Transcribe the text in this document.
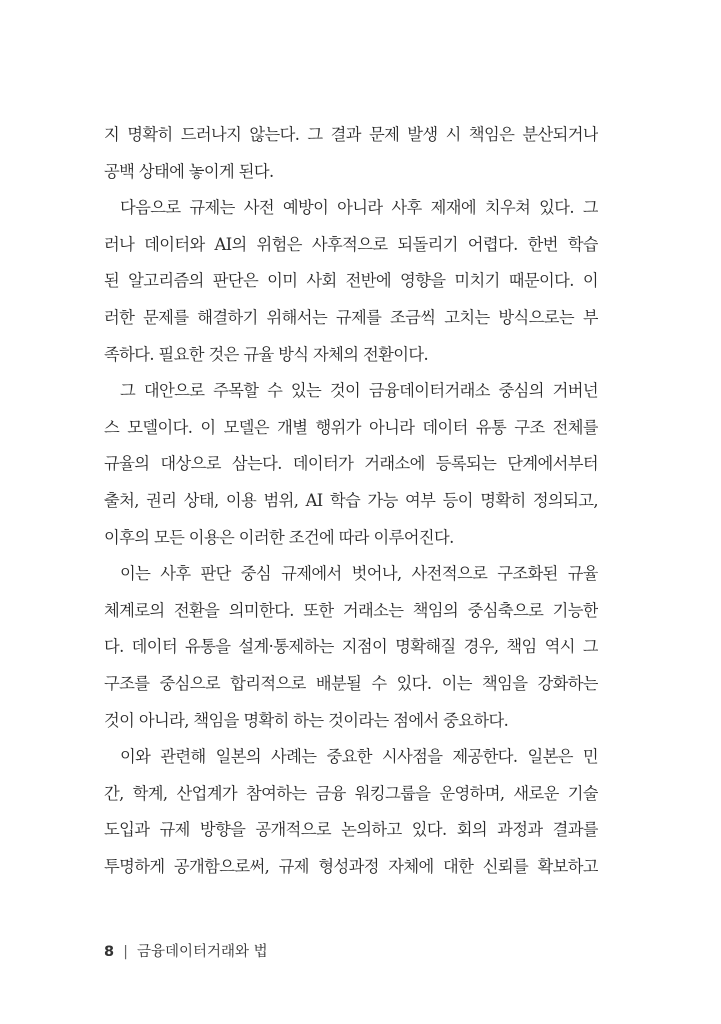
지 명확히 드러나지 않는다. 그 결과 문제 발생 시 책임은 분산되거나
공백 상태에 놓이게 된다.
다음으로 규제는 사전 예방이 아니라 사후 제재에 치우쳐 있다. 그
러나 데이터와 AI의 위험은 사후적으로 되돌리기 어렵다. 한번 학습
된 알고리즘의 판단은 이미 사회 전반에 영향을 미치기 때문이다. 이
러한 문제를 해결하기 위해서는 규제를 조금씩 고치는 방식으로는 부
족하다. 필요한 것은 규율 방식 자체의 전환이다.
그 대안으로 주목할 수 있는 것이 금융데이터거래소 중심의 거버넌
스 모델이다. 이 모델은 개별 행위가 아니라 데이터 유통 구조 전체를
규율의 대상으로 삼는다. 데이터가 거래소에 등록되는 단계에서부터
출처, 권리 상태, 이용 범위, AI 학습 가능 여부 등이 명확히 정의되고,
이후의 모든 이용은 이러한 조건에 따라 이루어진다.
이는 사후 판단 중심 규제에서 벗어나, 사전적으로 구조화된 규율
체계로의 전환을 의미한다. 또한 거래소는 책임의 중심축으로 기능한
다. 데이터 유통을 설계·통제하는 지점이 명확해질 경우, 책임 역시 그
구조를 중심으로 합리적으로 배분될 수 있다. 이는 책임을 강화하는
것이 아니라, 책임을 명확히 하는 것이라는 점에서 중요하다.
이와 관련해 일본의 사례는 중요한 시사점을 제공한다. 일본은 민
간, 학계, 산업계가 참여하는 금융 워킹그룹을 운영하며, 새로운 기술
도입과 규제 방향을 공개적으로 논의하고 있다. 회의 과정과 결과를
투명하게 공개함으로써, 규제 형성과정 자체에 대한 신뢰를 확보하고
8 | 금융데이터거래와 법
